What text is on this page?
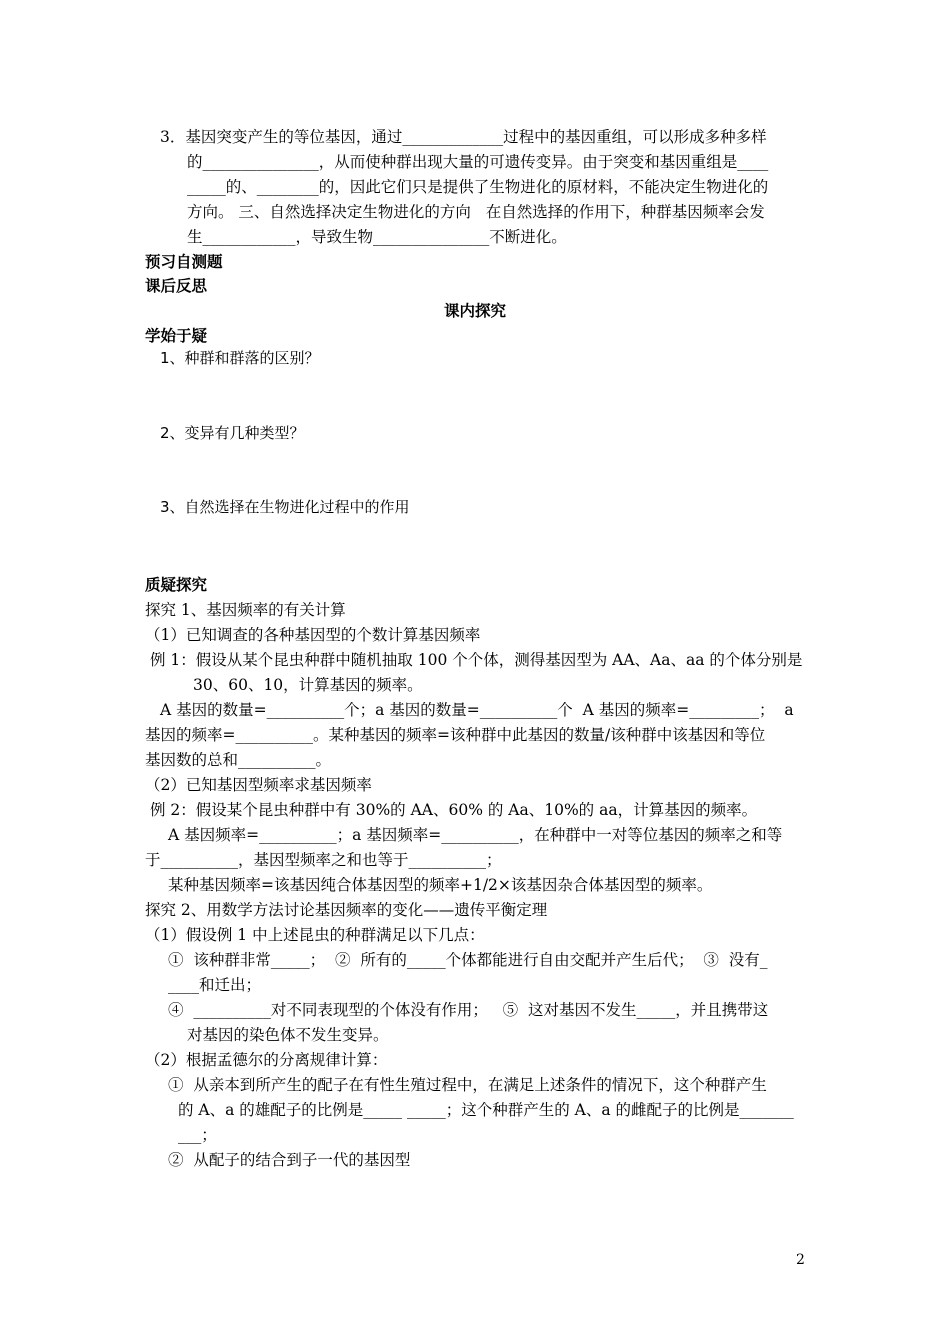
3．基因突变产生的等位基因，通过_____________过程中的基因重组，可以形成多种多样
的_______________，从而使种群出现大量的可遗传变异。由于突变和基因重组是____
_____的、________的，因此它们只是提供了生物进化的原材料，不能决定生物进化的
方向。 三、自然选择决定生物进化的方向   在自然选择的作用下，种群基因频率会发
生____________，导致生物_______________不断进化。
预习自测题
课后反思
课内探究
学始于疑
1、种群和群落的区别？
2、变异有几种类型？
3、自然选择在生物进化过程中的作用
质疑探究
探究 1、基因频率的有关计算
（1）已知调查的各种基因型的个数计算基因频率
例 1：假设从某个昆虫种群中随机抽取 100 个个体，测得基因型为 AA、Aa、aa 的个体分别是
30、60、10，计算基因的频率。
A 基因的数量=__________个；a 基因的数量=__________个  A 基因的频率=_________；  a
基因的频率=__________。某种基因的频率=该种群中此基因的数量/该种群中该基因和等位
基因数的总和__________。
（2）已知基因型频率求基因频率
例 2：假设某个昆虫种群中有 30%的 AA、60% 的 Aa、10%的 aa，计算基因的频率。
A 基因频率=__________；a 基因频率=__________，在种群中一对等位基因的频率之和等
于__________，基因型频率之和也等于__________；
某种基因频率=该基因纯合体基因型的频率+1/2×该基因杂合体基因型的频率。
探究 2、用数学方法讨论基因频率的变化——遗传平衡定理
（1）假设例 1 中上述昆虫的种群满足以下几点：
①  该种群非常_____；  ②  所有的_____个体都能进行自由交配并产生后代；  ③  没有_
____和迁出；
④  __________对不同表现型的个体没有作用；   ⑤  这对基因不发生_____，并且携带这
对基因的染色体不发生变异。
（2）根据孟德尔的分离规律计算：
①  从亲本到所产生的配子在有性生殖过程中，在满足上述条件的情况下，这个种群产生
的 A、a 的雄配子的比例是_____ _____；这个种群产生的 A、a 的雌配子的比例是_______
___；
②  从配子的结合到子一代的基因型
2
